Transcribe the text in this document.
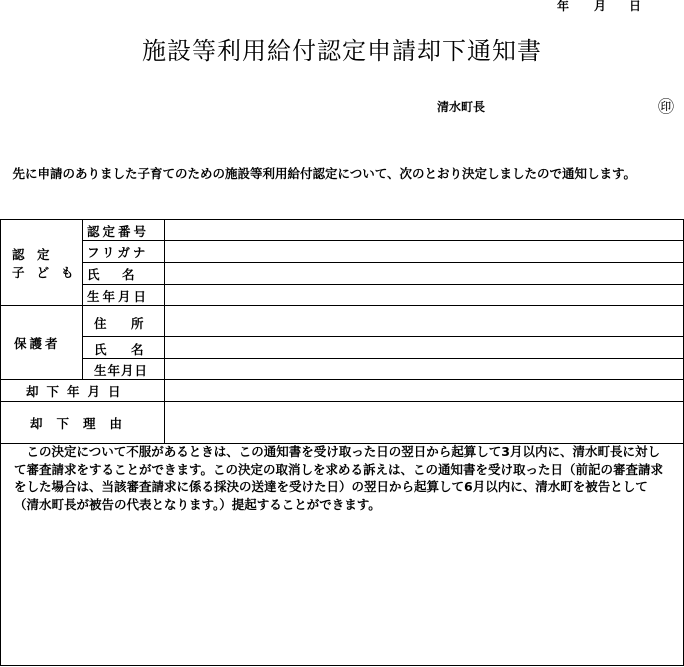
年 月 日
施設等利用給付認定申請却下通知書
清水町長	㊞
先に申請のありました子育てのための施設等利用給付認定について、次のとおり決定しましたので通知します。
認　定
子ども
認定番号
フリガナ
氏　名
生年月日
保護者
住　所
氏　名
生年月日
却下年月日
却下理由
この決定について不服があるときは、この通知書を受け取った日の翌日から起算して3月以内に、清水町長に対して審査請求をすることができます。この決定の取消しを求める訴えは、この通知書を受け取った日（前記の審査請求をした場合は、当該審査請求に係る採決の送達を受けた日）の翌日から起算して6月以内に、清水町を被告として（清水町長が被告の代表となります。）提起することができます。
